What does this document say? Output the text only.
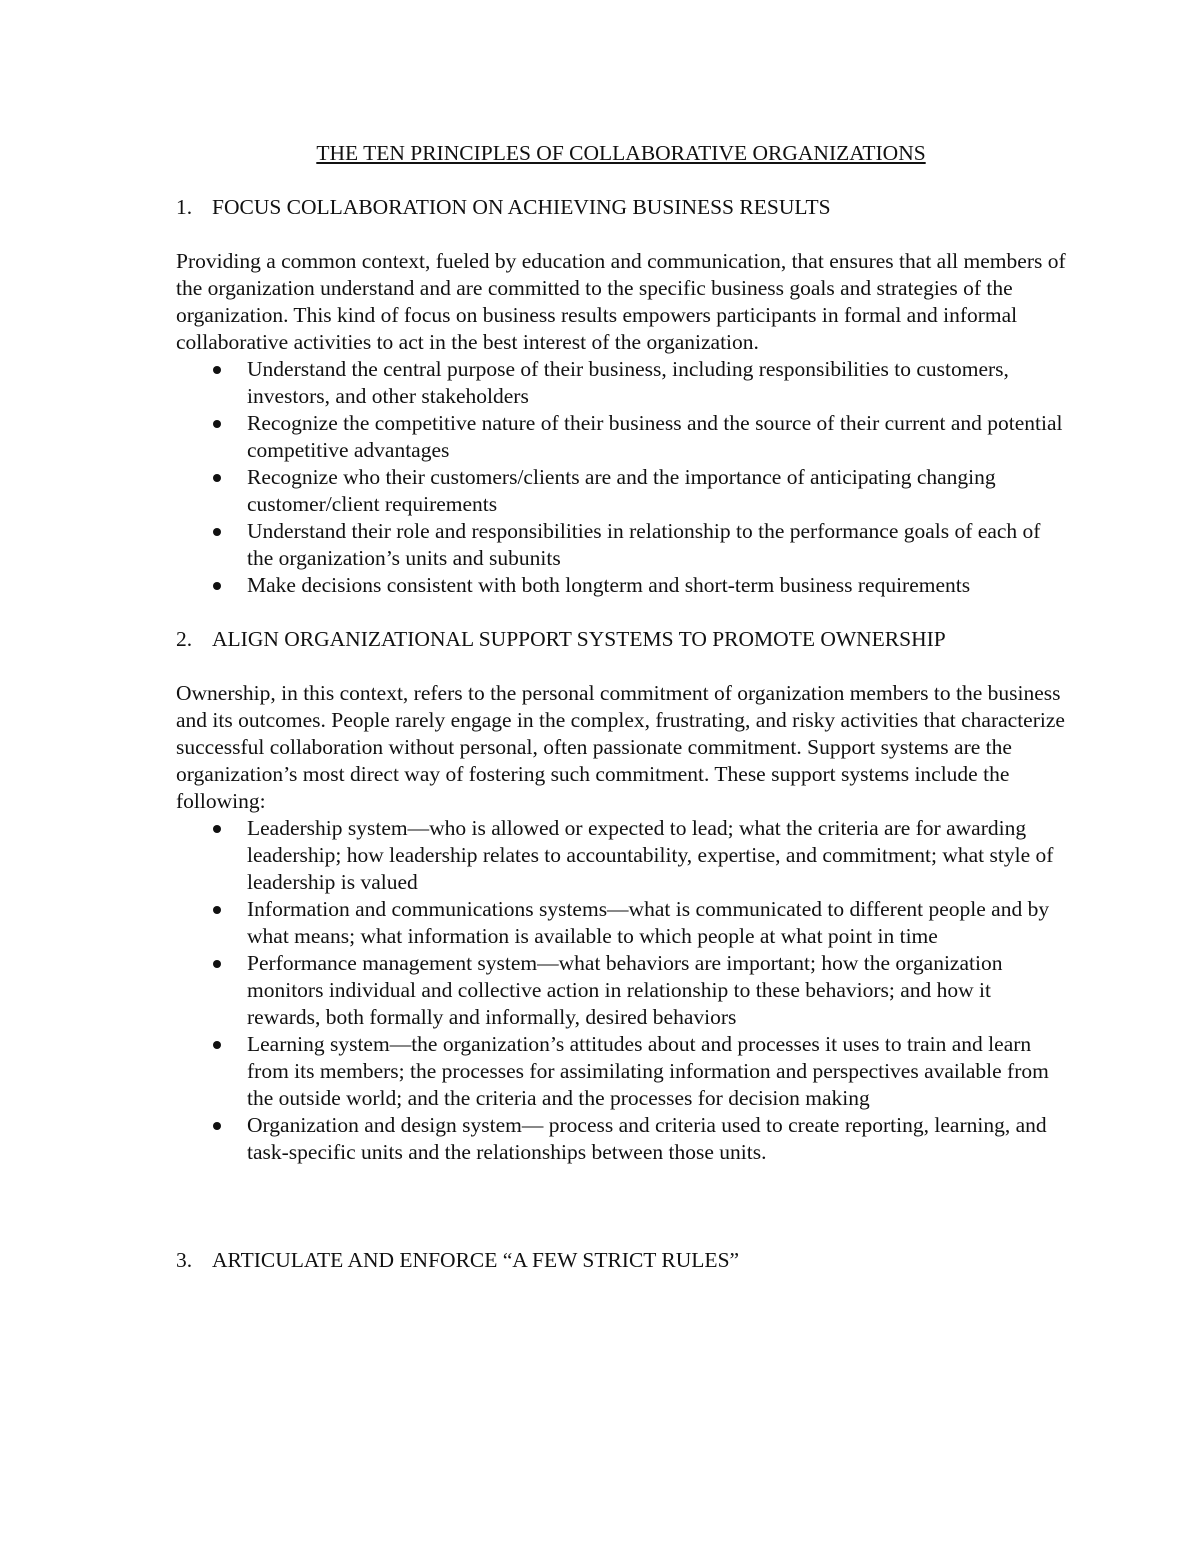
THE TEN PRINCIPLES OF COLLABORATIVE ORGANIZATIONS

1. FOCUS COLLABORATION ON ACHIEVING BUSINESS RESULTS

Providing a common context, fueled by education and communication, that ensures that all members of the organization understand and are committed to the specific business goals and strategies of the organization. This kind of focus on business results empowers participants in formal and informal collaborative activities to act in the best interest of the organization.

Understand the central purpose of their business, including responsibilities to customers, investors, and other stakeholders
Recognize the competitive nature of their business and the source of their current and potential competitive advantages
Recognize who their customers/clients are and the importance of anticipating changing customer/client requirements
Understand their role and responsibilities in relationship to the performance goals of each of the organization’s units and subunits
Make decisions consistent with both longterm and short-term business requirements

2. ALIGN ORGANIZATIONAL SUPPORT SYSTEMS TO PROMOTE OWNERSHIP

Ownership, in this context, refers to the personal commitment of organization members to the business and its outcomes. People rarely engage in the complex, frustrating, and risky activities that characterize successful collaboration without personal, often passionate commitment. Support systems are the organization’s most direct way of fostering such commitment. These support systems include the following:

Leadership system—who is allowed or expected to lead; what the criteria are for awarding leadership; how leadership relates to accountability, expertise, and commitment; what style of leadership is valued
Information and communications systems—what is communicated to different people and by what means; what information is available to which people at what point in time
Performance management system—what behaviors are important; how the organization monitors individual and collective action in relationship to these behaviors; and how it rewards, both formally and informally, desired behaviors
Learning system—the organization’s attitudes about and processes it uses to train and learn from its members; the processes for assimilating information and perspectives available from the outside world; and the criteria and the processes for decision making
Organization and design system— process and criteria used to create reporting, learning, and task-specific units and the relationships between those units.

3. ARTICULATE AND ENFORCE “A FEW STRICT RULES”
